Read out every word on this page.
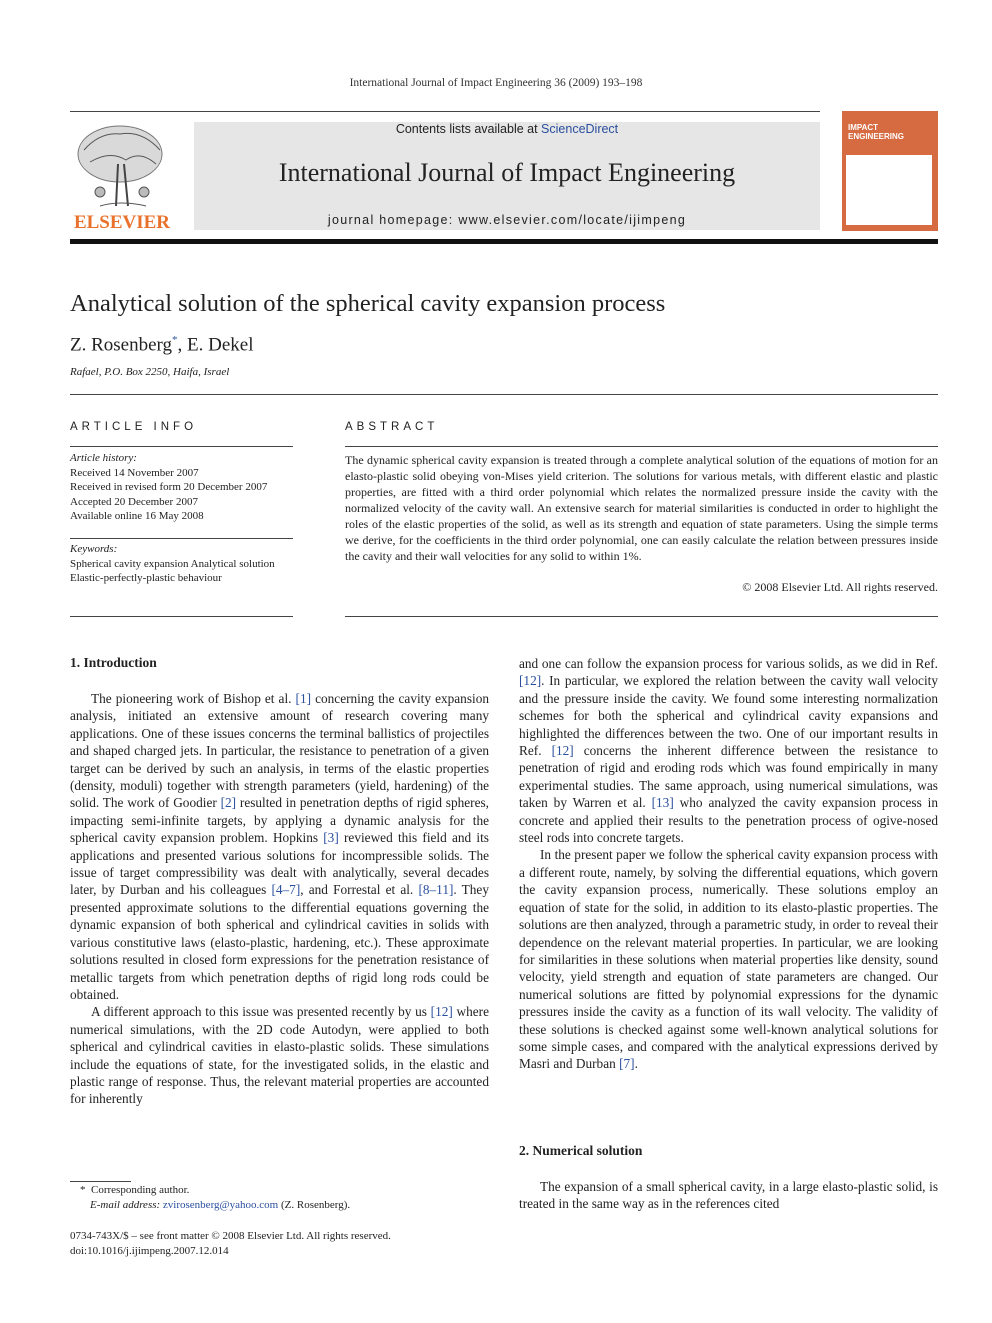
International Journal of Impact Engineering 36 (2009) 193–198
ELSEVIER
Contents lists available at ScienceDirect
International Journal of Impact Engineering
journal homepage: www.elsevier.com/locate/ijimpeng
IMPACT
ENGINEERING
Analytical solution of the spherical cavity expansion process
Z. Rosenberg*, E. Dekel
Rafael, P.O. Box 2250, Haifa, Israel
ARTICLE INFO
Article history:
Received 14 November 2007
Received in revised form 20 December 2007
Accepted 20 December 2007
Available online 16 May 2008
Keywords:
Spherical cavity expansion Analytical solution
Elastic-perfectly-plastic behaviour
ABSTRACT
The dynamic spherical cavity expansion is treated through a complete analytical solution of the equations of motion for an elasto-plastic solid obeying von-Mises yield criterion. The solutions for various metals, with different elastic and plastic properties, are fitted with a third order polynomial which relates the normalized pressure inside the cavity with the normalized velocity of the cavity wall. An extensive search for material similarities is conducted in order to highlight the roles of the elastic properties of the solid, as well as its strength and equation of state parameters. Using the simple terms we derive, for the coefficients in the third order polynomial, one can easily calculate the relation between pressures inside the cavity and their wall velocities for any solid to within 1%.
© 2008 Elsevier Ltd. All rights reserved.
1. Introduction

The pioneering work of Bishop et al. [1] concerning the cavity expansion analysis, initiated an extensive amount of research covering many applications. One of these issues concerns the terminal ballistics of projectiles and shaped charged jets. In particular, the resistance to penetration of a given target can be derived by such an analysis, in terms of the elastic properties (density, moduli) together with strength parameters (yield, hardening) of the solid. The work of Goodier [2] resulted in penetration depths of rigid spheres, impacting semi-infinite targets, by applying a dynamic analysis for the spherical cavity expansion problem. Hopkins [3] reviewed this field and its applications and presented various solutions for incompressible solids. The issue of target compressibility was dealt with analytically, several decades later, by Durban and his colleagues [4–7], and Forrestal et al. [8–11]. They presented approximate solutions to the differential equations governing the dynamic expansion of both spherical and cylindrical cavities in solids with various constitutive laws (elasto-plastic, hardening, etc.). These approximate solutions resulted in closed form expressions for the penetration resistance of metallic targets from which penetration depths of rigid long rods could be obtained.

A different approach to this issue was presented recently by us [12] where numerical simulations, with the 2D code Autodyn, were applied to both spherical and cylindrical cavities in elasto-plastic solids. These simulations include the equations of state, for the investigated solids, in the elastic and plastic range of response. Thus, the relevant material properties are accounted for inherently

and one can follow the expansion process for various solids, as we did in Ref. [12]. In particular, we explored the relation between the cavity wall velocity and the pressure inside the cavity. We found some interesting normalization schemes for both the spherical and cylindrical cavity expansions and highlighted the differences between the two. One of our important results in Ref. [12] concerns the inherent difference between the resistance to penetration of rigid and eroding rods which was found empirically in many experimental studies. The same approach, using numerical simulations, was taken by Warren et al. [13] who analyzed the cavity expansion process in concrete and applied their results to the penetration process of ogive-nosed steel rods into concrete targets.

In the present paper we follow the spherical cavity expansion process with a different route, namely, by solving the differential equations, which govern the cavity expansion process, numerically. These solutions employ an equation of state for the solid, in addition to its elasto-plastic properties. The solutions are then analyzed, through a parametric study, in order to reveal their dependence on the relevant material properties. In particular, we are looking for similarities in these solutions when material properties like density, sound velocity, yield strength and equation of state parameters are changed. Our numerical solutions are fitted by polynomial expressions for the dynamic pressures inside the cavity as a function of its wall velocity. The validity of these solutions is checked against some well-known analytical solutions for some simple cases, and compared with the analytical expressions derived by Masri and Durban [7].

2. Numerical solution

The expansion of a small spherical cavity, in a large elasto-plastic solid, is treated in the same way as in the references cited

* Corresponding author.
E-mail address: zvirosenberg@yahoo.com (Z. Rosenberg).
0734-743X/$ – see front matter © 2008 Elsevier Ltd. All rights reserved.
doi:10.1016/j.ijimpeng.2007.12.014
